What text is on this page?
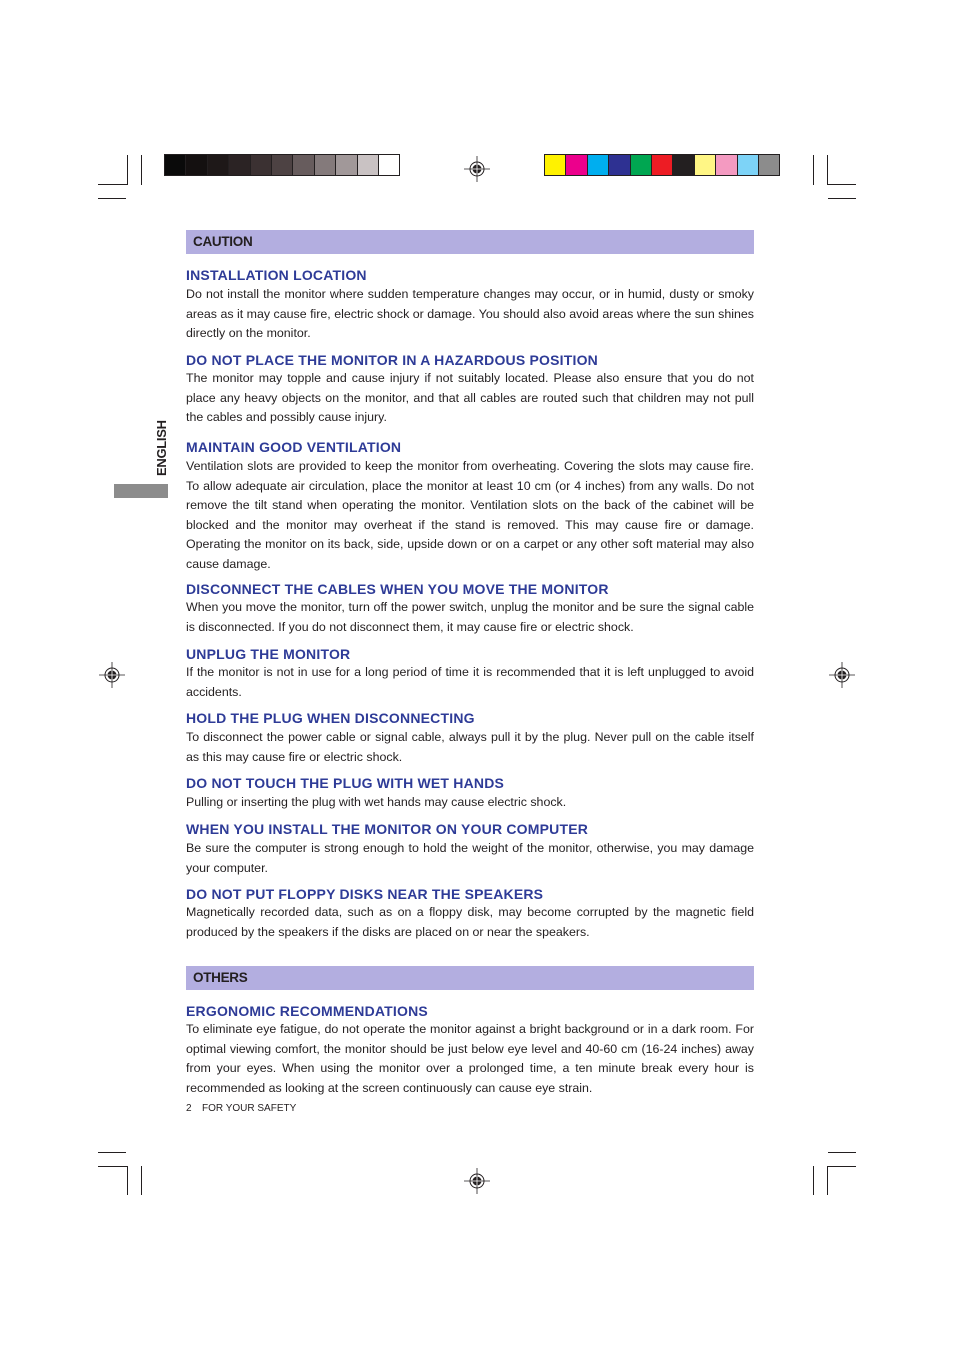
ENGLISH
CAUTION
INSTALLATION LOCATION

Do not install the monitor where sudden temperature changes may occur, or in humid, dusty or smoky areas as it may cause fire, electric shock or damage. You should also avoid areas where the sun shines directly on the monitor.

DO NOT PLACE THE MONITOR IN A HAZARDOUS POSITION

The monitor may topple and cause injury if not suitably located. Please also ensure that you do not place any heavy objects on the monitor, and that all cables are routed such that children may not pull the cables and possibly cause injury.

MAINTAIN GOOD VENTILATION

Ventilation slots are provided to keep the monitor from overheating. Covering the slots may cause fire. To allow adequate air circulation, place the monitor at least 10 cm (or 4 inches) from any walls. Do not remove the tilt stand when operating the monitor. Ventilation slots on the back of the cabinet will be blocked and the monitor may overheat if the stand is removed. This may cause fire or damage. Operating the monitor on its back, side, upside down or on a carpet or any other soft material may also cause damage.

DISCONNECT THE CABLES WHEN YOU MOVE THE MONITOR

When you move the monitor, turn off the power switch, unplug the monitor and be sure the signal cable is disconnected. If you do not disconnect them, it may cause fire or electric shock.

UNPLUG THE MONITOR

If the monitor is not in use for a long period of time it is recommended that it is left unplugged to avoid accidents.

HOLD THE PLUG WHEN DISCONNECTING

To disconnect the power cable or signal cable, always pull it by the plug. Never pull on the cable itself as this may cause fire or electric shock.

DO NOT TOUCH THE PLUG WITH WET HANDS

Pulling or inserting the plug with wet hands may cause electric shock.

WHEN YOU INSTALL THE MONITOR ON YOUR COMPUTER

Be sure the computer is strong enough to hold the weight of the monitor, otherwise, you may damage your computer.

DO NOT PUT FLOPPY DISKS NEAR THE SPEAKERS

Magnetically recorded data, such as on a floppy disk, may become corrupted by the magnetic field produced by the speakers if the disks are placed on or near the speakers.

OTHERS
ERGONOMIC RECOMMENDATIONS

To eliminate eye fatigue, do not operate the monitor against a bright background or in a dark room. For optimal viewing comfort, the monitor should be just below eye level and 40-60 cm (16-24 inches) away from your eyes. When using the monitor over a prolonged time, a ten minute break every hour is recommended as looking at the screen continuously can cause eye strain.

2 FOR YOUR SAFETY
